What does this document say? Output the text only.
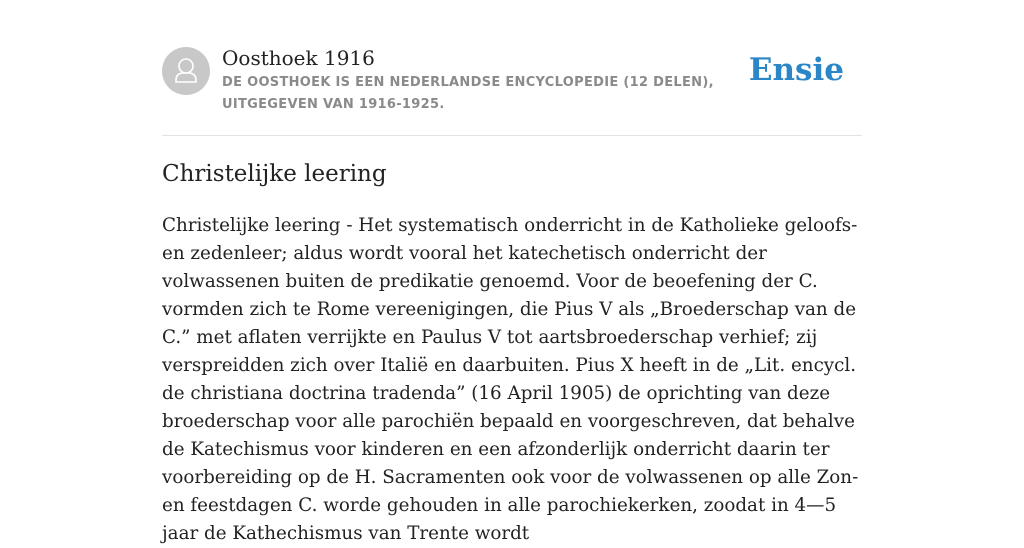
Oosthoek 1916
DE OOSTHOEK IS EEN NEDERLANDSE ENCYCLOPEDIE (12 DELEN), UITGEGEVEN VAN 1916-1925.
Ensie
Christelijke leering

Christelijke leering - Het systematisch onderricht in de Katholieke geloofs- en zedenleer; aldus wordt vooral het katechetisch onderricht der volwassenen buiten de predikatie genoemd. Voor de beoefening der C. vormden zich te Rome vereenigingen, die Pius V als „Broederschap van de C.” met aflaten verrijkte en Paulus V tot aartsbroederschap verhief; zij verspreidden zich over Italië en daarbuiten. Pius X heeft in de „Lit. encycl. de christiana doctrina tradenda” (16 April 1905) de oprichting van deze broederschap voor alle parochiën bepaald en voorgeschreven, dat behalve de Katechismus voor kinderen en een afzonderlijk onderricht daarin ter voorbereiding op de H. Sacramenten ook voor de volwassenen op alle Zon- en feestdagen C. worde gehouden in alle parochiekerken, zoodat in 4—5 jaar de Kathechismus van Trente wordt
